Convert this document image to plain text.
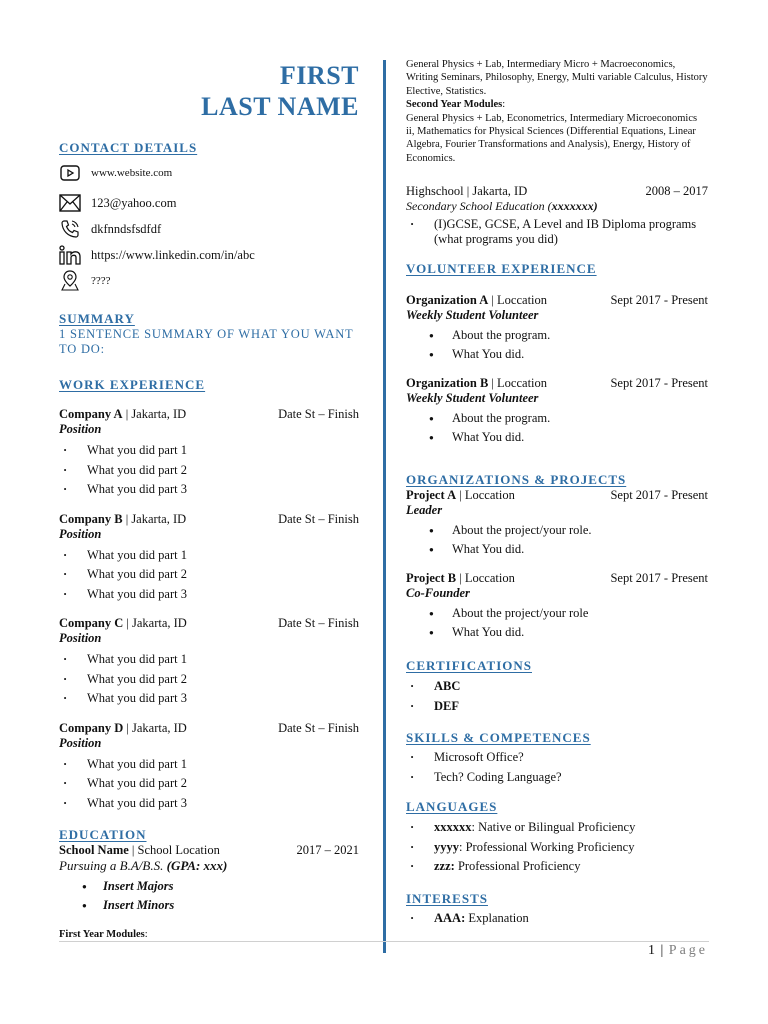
FIRST
LAST NAME
CONTACT DETAILS
www.website.com
123@yahoo.com
dkfnndsfsdfdf
https://www.linkedin.com/in/abc
????
SUMMARY
1 SENTENCE SUMMARY OF WHAT YOU WANT TO DO:
WORK EXPERIENCE
Company A | Jakarta, ID	Date St – Finish
Position
· What you did part 1
· What you did part 2
· What you did part 3
Company B | Jakarta, ID	Date St – Finish
Position
· What you did part 1
· What you did part 2
· What you did part 3
Company C | Jakarta, ID	Date St – Finish
Position
· What you did part 1
· What you did part 2
· What you did part 3
Company D | Jakarta, ID	Date St – Finish
Position
· What you did part 1
· What you did part 2
· What you did part 3
EDUCATION
School Name | School Location	2017 – 2021
Pursuing a B.A/B.S. (GPA: xxx)
● Insert Majors
● Insert Minors
First Year Modules:
General Physics + Lab, Intermediary Micro + Macroeconomics, Writing Seminars, Philosophy, Energy, Multi variable Calculus, History Elective, Statistics.
Second Year Modules:
General Physics + Lab, Econometrics, Intermediary Microeconomics ii, Mathematics for Physical Sciences (Differential Equations, Linear Algebra, Fourier Transformations and Analysis), Energy, History of Economics.
Highschool | Jakarta, ID	2008 – 2017
Secondary School Education (xxxxxxx)
· (I)GCSE, GCSE, A Level and IB Diploma programs (what programs you did)
VOLUNTEER EXPERIENCE
Organization A | Loccation	Sept 2017 - Present
Weekly Student Volunteer
● About the program.
● What You did.
Organization B | Loccation	Sept 2017 - Present
Weekly Student Volunteer
● About the program.
● What You did.
ORGANIZATIONS & PROJECTS
Project A | Loccation	Sept 2017 - Present
Leader
● About the project/your role.
● What You did.
Project B | Loccation	Sept 2017 - Present
Co-Founder
● About the project/your role
● What You did.
CERTIFICATIONS
· ABC
· DEF
SKILLS & COMPETENCES
· Microsoft Office?
· Tech? Coding Language?
LANGUAGES
· xxxxxx: Native or Bilingual Proficiency
· yyyy: Professional Working Proficiency
· zzz: Professional Proficiency
INTERESTS
· AAA: Explanation
1 | Page
